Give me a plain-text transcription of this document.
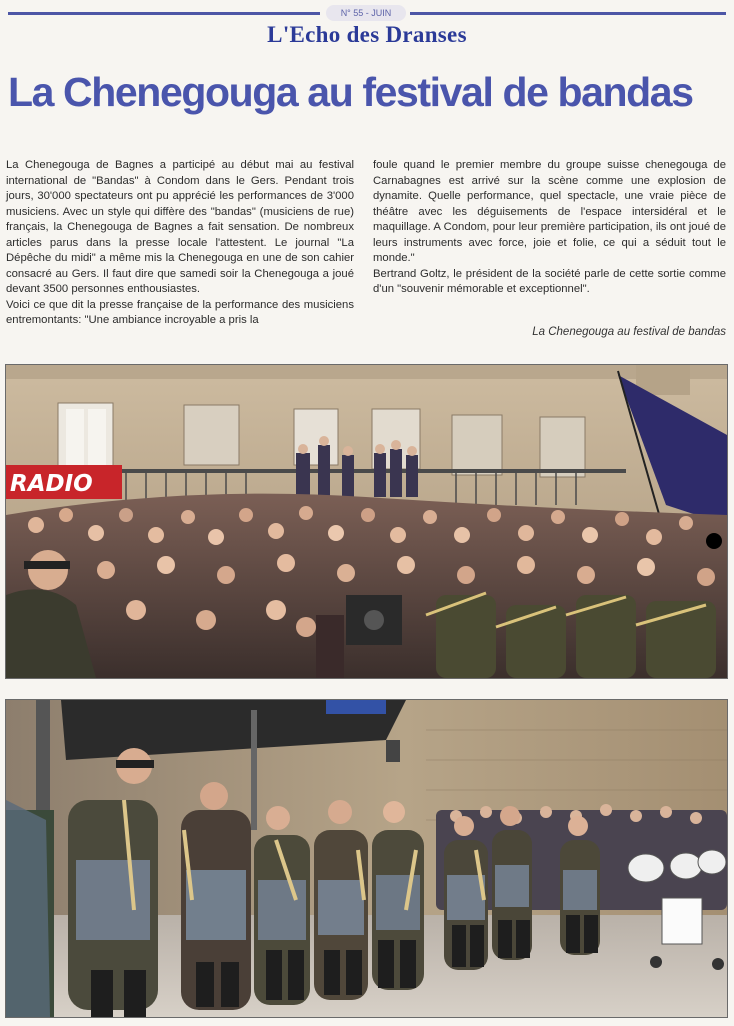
N° 55 - JUIN
L'Echo des Dranses
La Chenegouga au festival de bandas

La Chenegouga de Bagnes a participé au début mai au festival international de "Bandas" à Condom dans le Gers. Pendant trois jours, 30'000 spectateurs ont pu apprécié les performances de 3'000 musiciens. Avec un style qui diffère des "bandas" (musiciens de rue) français, la Chenegouga de Bagnes a fait sensation. De nombreux articles parus dans la presse locale l'attestent. Le journal "La Dépêche du midi" a même mis la Chenegouga en une de son cahier consacré au Gers. Il faut dire que samedi soir la Chenegouga a joué devant 3500 personnes enthousiastes.

Voici ce que dit la presse française de la performance des musiciens entremontants: "Une ambiance incroyable a pris la

foule quand le premier membre du groupe suisse chenegouga de Carnabagnes est arrivé sur la scène comme une explosion de dynamite. Quelle performance, quel spectacle, une vraie pièce de théâtre avec les déguisements de l'espace intersidéral et le maquillage. A Condom, pour leur première participation, ils ont joué de leurs instruments avec force, joie et folie, ce qui a séduit tout le monde."

Bertrand Goltz, le président de la société parle de cette sortie comme d'un "souvenir mémorable et exceptionnel".

La Chenegouga au festival de bandas
RADIO
